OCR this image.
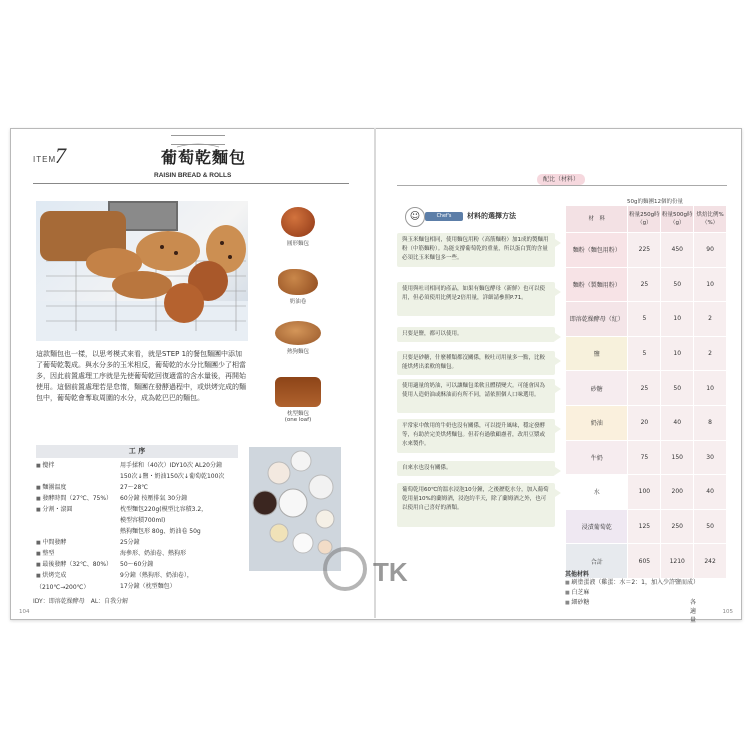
ITEM.
7	葡萄乾麵包
RAISIN BREAD & ROLLS
圓形麵包
奶油卷
熱狗麵包
枕型麵包
(one loaf)
這款麵包也一樣，以思考模式來看，就是STEP 1的餐包麵團中添加了葡萄乾製成。與水分多的玉米相反，葡萄乾的水分比麵團少了相當多，因此前置處理工序就是先使葡萄乾回復適當的含水量後，再開始使用。這個前置處理若是怠惰，麵團在發酵過程中，或烘烤完成的麵包中，葡萄乾會奪取周圍的水分，成為乾巴巴的麵包。
工 序
■ 攪拌	用手揉和（40次）IDY10次 AL20分鐘
150次↓鹽・奶油150次↓葡萄乾100次
■ 麵團溫度	27～28℃
■ 發酵時間（27℃、75%）	60分鐘 按壓排氣 30分鐘
■ 分割・滾圓	枕型麵包220g(模型比容積3.2，
模型容積700ml)
熱狗麵包形 80g、奶油卷 50g
■ 中間發酵	25分鐘
■ 整型	海參形、奶油卷、熱狗形
■ 最後發酵（32℃、80%）	50～60分鐘
■ 烘烤完成（210℃→200℃）
9分鐘（熱狗形、奶油卷），
17分鐘（枕型麵包）
IDY：即溶乾燥酵母　AL：自我分解
104
配比（材料）
☺	Chef's comment
材料的選擇方法
與玉米麵包相同，使用麵包用粉（高筋麵粉）加1成的製麵用粉（中筋麵粉）。為能支撐葡萄乾的重量，所以蛋白質的含量必須比玉米麵包多一些。
使用與吐司相同的產品，如果有麵包酵母（新鮮）也可以使用，但必須使用比例是2倍用量，詳細請參照P.71。
只要是鹽，都可以使用。
只要是砂糖，什麼種類都沒關係，較吐司用量多一點，比較能烘烤出柔軟的麵包。
使用適量的奶油，可以讓麵包柔軟且體積變大。可能會因為使用人造奶油或酥油而有所不同，請依照個人口味選用。
平常家中飲用的牛奶也沒有關係，可以提升風味，穩定發酵等，有助於完美烘烤麵包。但若有過敏顧慮者，改用豆漿或水來製作。
自來水也沒有關係。
葡萄乾用60℃的溫水浸泡10分鐘，之後瀝乾水分，加入葡萄乾用量10%的蘭姆酒，浸泡約半天，除了蘭姆酒之外，也可以使用自己喜好的酒類。
50g的麵團12個的份量
材　料	粉量250g時（g）	粉量500g時（g）	烘焙比例%（%）
麵粉（麵包用粉）	225	450	90
麵粉（製麵用粉）	25	50	10
即溶乾燥酵母（紅）	5	10	2
鹽	5	10	2
砂糖	25	50	10
奶油	20	40	8
牛奶	75	150	30
水	100	200	40
浸漬葡萄乾	125	250	50
合計	605	1210	242
其他材料
■ 刷塗蛋液（雞蛋：水＝2：1，加入少許鹽而成）
■ 白芝麻
■ 細砂糖	各適量
105
TK
